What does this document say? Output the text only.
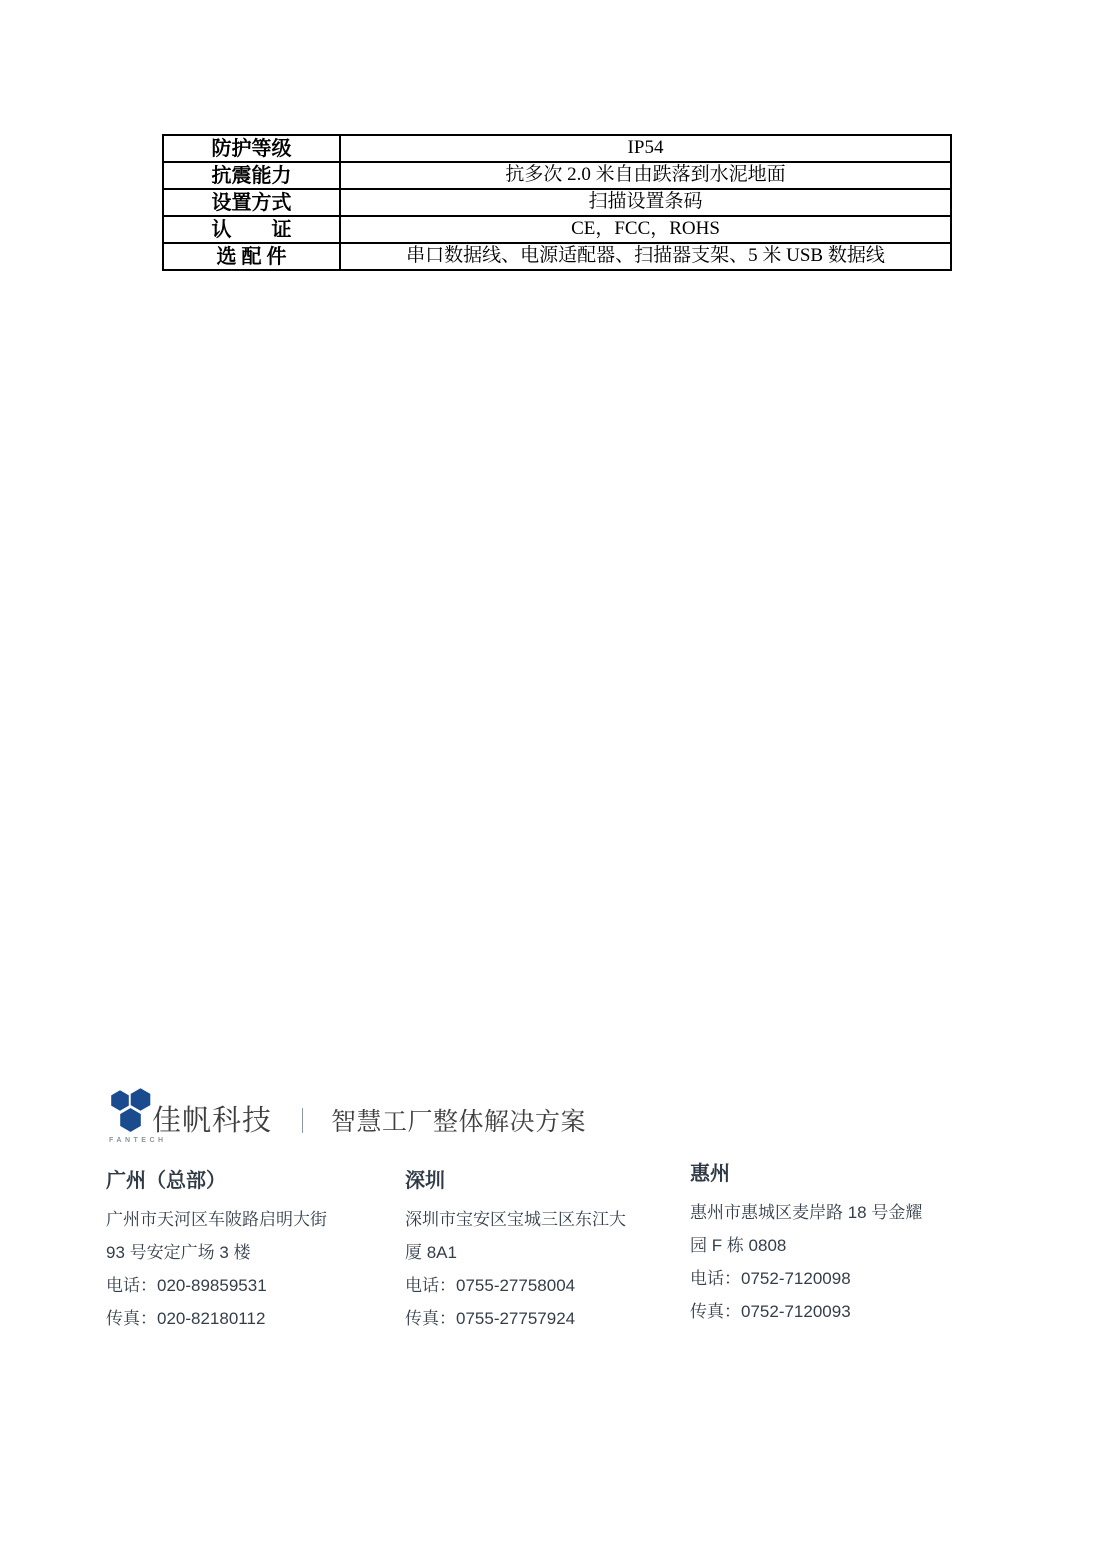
防护等级	IP54
抗震能力	抗多次 2.0 米自由跌落到水泥地面
设置方式	扫描设置条码
认　　证	CE，FCC，ROHS
选 配 件	串口数据线、电源适配器、扫描器支架、5 米 USB 数据线
FANTECH
佳帆科技 ｜ 智慧工厂整体解决方案
广州（总部）
广州市天河区车陂路启明大街
93 号安定广场 3 楼
电话：020-89859531
传真：020-82180112
深圳
深圳市宝安区宝城三区东江大
厦 8A1
电话：0755-27758004
传真：0755-27757924
惠州
惠州市惠城区麦岸路 18 号金耀
园 F 栋 0808
电话：0752-7120098
传真：0752-7120093
